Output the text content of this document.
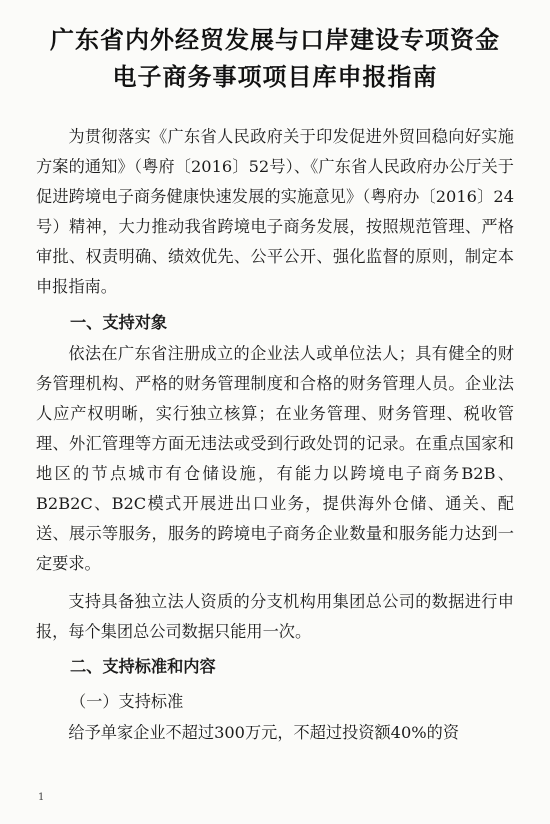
广东省内外经贸发展与口岸建设专项资金
电子商务事项项目库申报指南

为贯彻落实《广东省人民政府关于印发促进外贸回稳向好实施方案的通知》（粤府〔2016〕52号）、《广东省人民政府办公厅关于促进跨境电子商务健康快速发展的实施意见》（粤府办〔2016〕24号）精神，大力推动我省跨境电子商务发展，按照规范管理、严格审批、权责明确、绩效优先、公平公开、强化监督的原则，制定本申报指南。

一、支持对象

依法在广东省注册成立的企业法人或单位法人；具有健全的财务管理机构、严格的财务管理制度和合格的财务管理人员。企业法人应产权明晰，实行独立核算；在业务管理、财务管理、税收管理、外汇管理等方面无违法或受到行政处罚的记录。在重点国家和地区的节点城市有仓储设施，有能力以跨境电子商务B2B、B2B2C、B2C模式开展进出口业务，提供海外仓储、通关、配送、展示等服务，服务的跨境电子商务企业数量和服务能力达到一定要求。

支持具备独立法人资质的分支机构用集团总公司的数据进行申报，每个集团总公司数据只能用一次。

二、支持标准和内容

（一）支持标准

给予单家企业不超过300万元，不超过投资额40%的资

1
